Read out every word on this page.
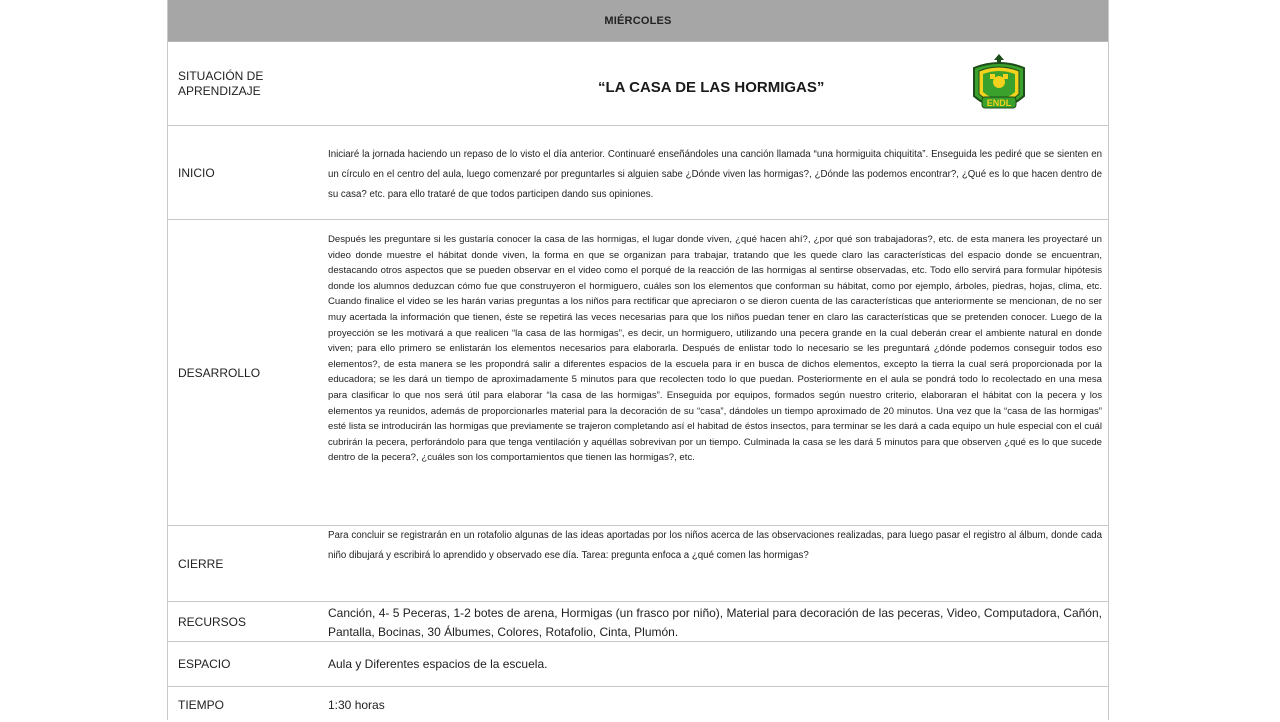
MIÉRCOLES
SITUACIÓN DE APRENDIZAJE	“LA CASA DE LAS HORMIGAS”
ENDL
INICIO
Iniciaré la jornada haciendo un repaso de lo visto el día anterior. Continuaré enseñándoles una canción llamada “una hormiguita chiquitita”. Enseguida les pediré que se sienten en un círculo en el centro del aula, luego comenzaré por preguntarles si alguien sabe ¿Dónde viven las hormigas?, ¿Dónde las podemos encontrar?, ¿Qué es lo que hacen dentro de su casa? etc. para ello trataré de que todos participen dando sus opiniones.
DESARROLLO
Después les preguntare si les gustaría conocer la casa de las hormigas, el lugar donde viven, ¿qué hacen ahí?, ¿por qué son trabajadoras?, etc. de esta manera les proyectaré un video donde muestre el hábitat donde viven, la forma en que se organizan para trabajar, tratando que les quede claro las características del espacio donde se encuentran, destacando otros aspectos que se pueden observar en el video como el porqué de la reacción de las hormigas al sentirse observadas, etc. Todo ello servirá para formular hipótesis donde los alumnos deduzcan cómo fue que construyeron el hormiguero, cuáles son los elementos que conforman su hábitat, como por ejemplo, árboles, piedras, hojas, clima, etc. Cuando finalice el video se les harán varias preguntas a los niños para rectificar que apreciaron o se dieron cuenta de las características que anteriormente se mencionan, de no ser muy acertada la información que tienen, éste se repetirá las veces necesarias para que los niños puedan tener en claro las características que se pretenden conocer. Luego de la proyección se les motivará a que realicen “la casa de las hormigas”, es decir, un hormiguero, utilizando una pecera grande en la cual deberán crear el ambiente natural en donde viven; para ello primero se enlistarán los elementos necesarios para elaborarla. Después de enlistar todo lo necesario se les preguntará ¿dónde podemos conseguir todos eso elementos?, de esta manera se les propondrá salir a diferentes espacios de la escuela para ir en busca de dichos elementos, excepto la tierra la cual será proporcionada por la educadora; se les dará un tiempo de aproximadamente 5 minutos para que recolecten todo lo que puedan. Posteriormente en el aula se pondrá todo lo recolectado en una mesa para clasificar lo que nos será útil para elaborar “la casa de las hormigas”. Enseguida por equipos, formados según nuestro criterio, elaboraran el hábitat con la pecera y los elementos ya reunidos, además de proporcionarles material para la decoración de su “casa”, dándoles un tiempo aproximado de 20 minutos. Una vez que la “casa de las hormigas” esté lista se introducirán las hormigas que previamente se trajeron completando así el habitad de éstos insectos, para terminar se les dará a cada equipo un hule especial con el cuál cubrirán la pecera, perforándolo para que tenga ventilación y aquéllas sobrevivan por un tiempo. Culminada la casa se les dará 5 minutos para que observen ¿qué es lo que sucede dentro de la pecera?, ¿cuáles son los comportamientos que tienen las hormigas?, etc.
CIERRE
Para concluir se registrarán en un rotafolio algunas de las ideas aportadas por los niños acerca de las observaciones realizadas, para luego pasar el registro al álbum, donde cada niño dibujará y escribirá lo aprendido y observado ese día. Tarea: pregunta enfoca a ¿qué comen las hormigas?
RECURSOS
Canción, 4- 5 Peceras, 1-2 botes de arena, Hormigas (un frasco por niño), Material para decoración de las peceras, Video, Computadora, Cañón, Pantalla, Bocinas, 30 Álbumes, Colores, Rotafolio, Cinta, Plumón.
ESPACIO	Aula y Diferentes espacios de la escuela.
TIEMPO	1:30 horas
